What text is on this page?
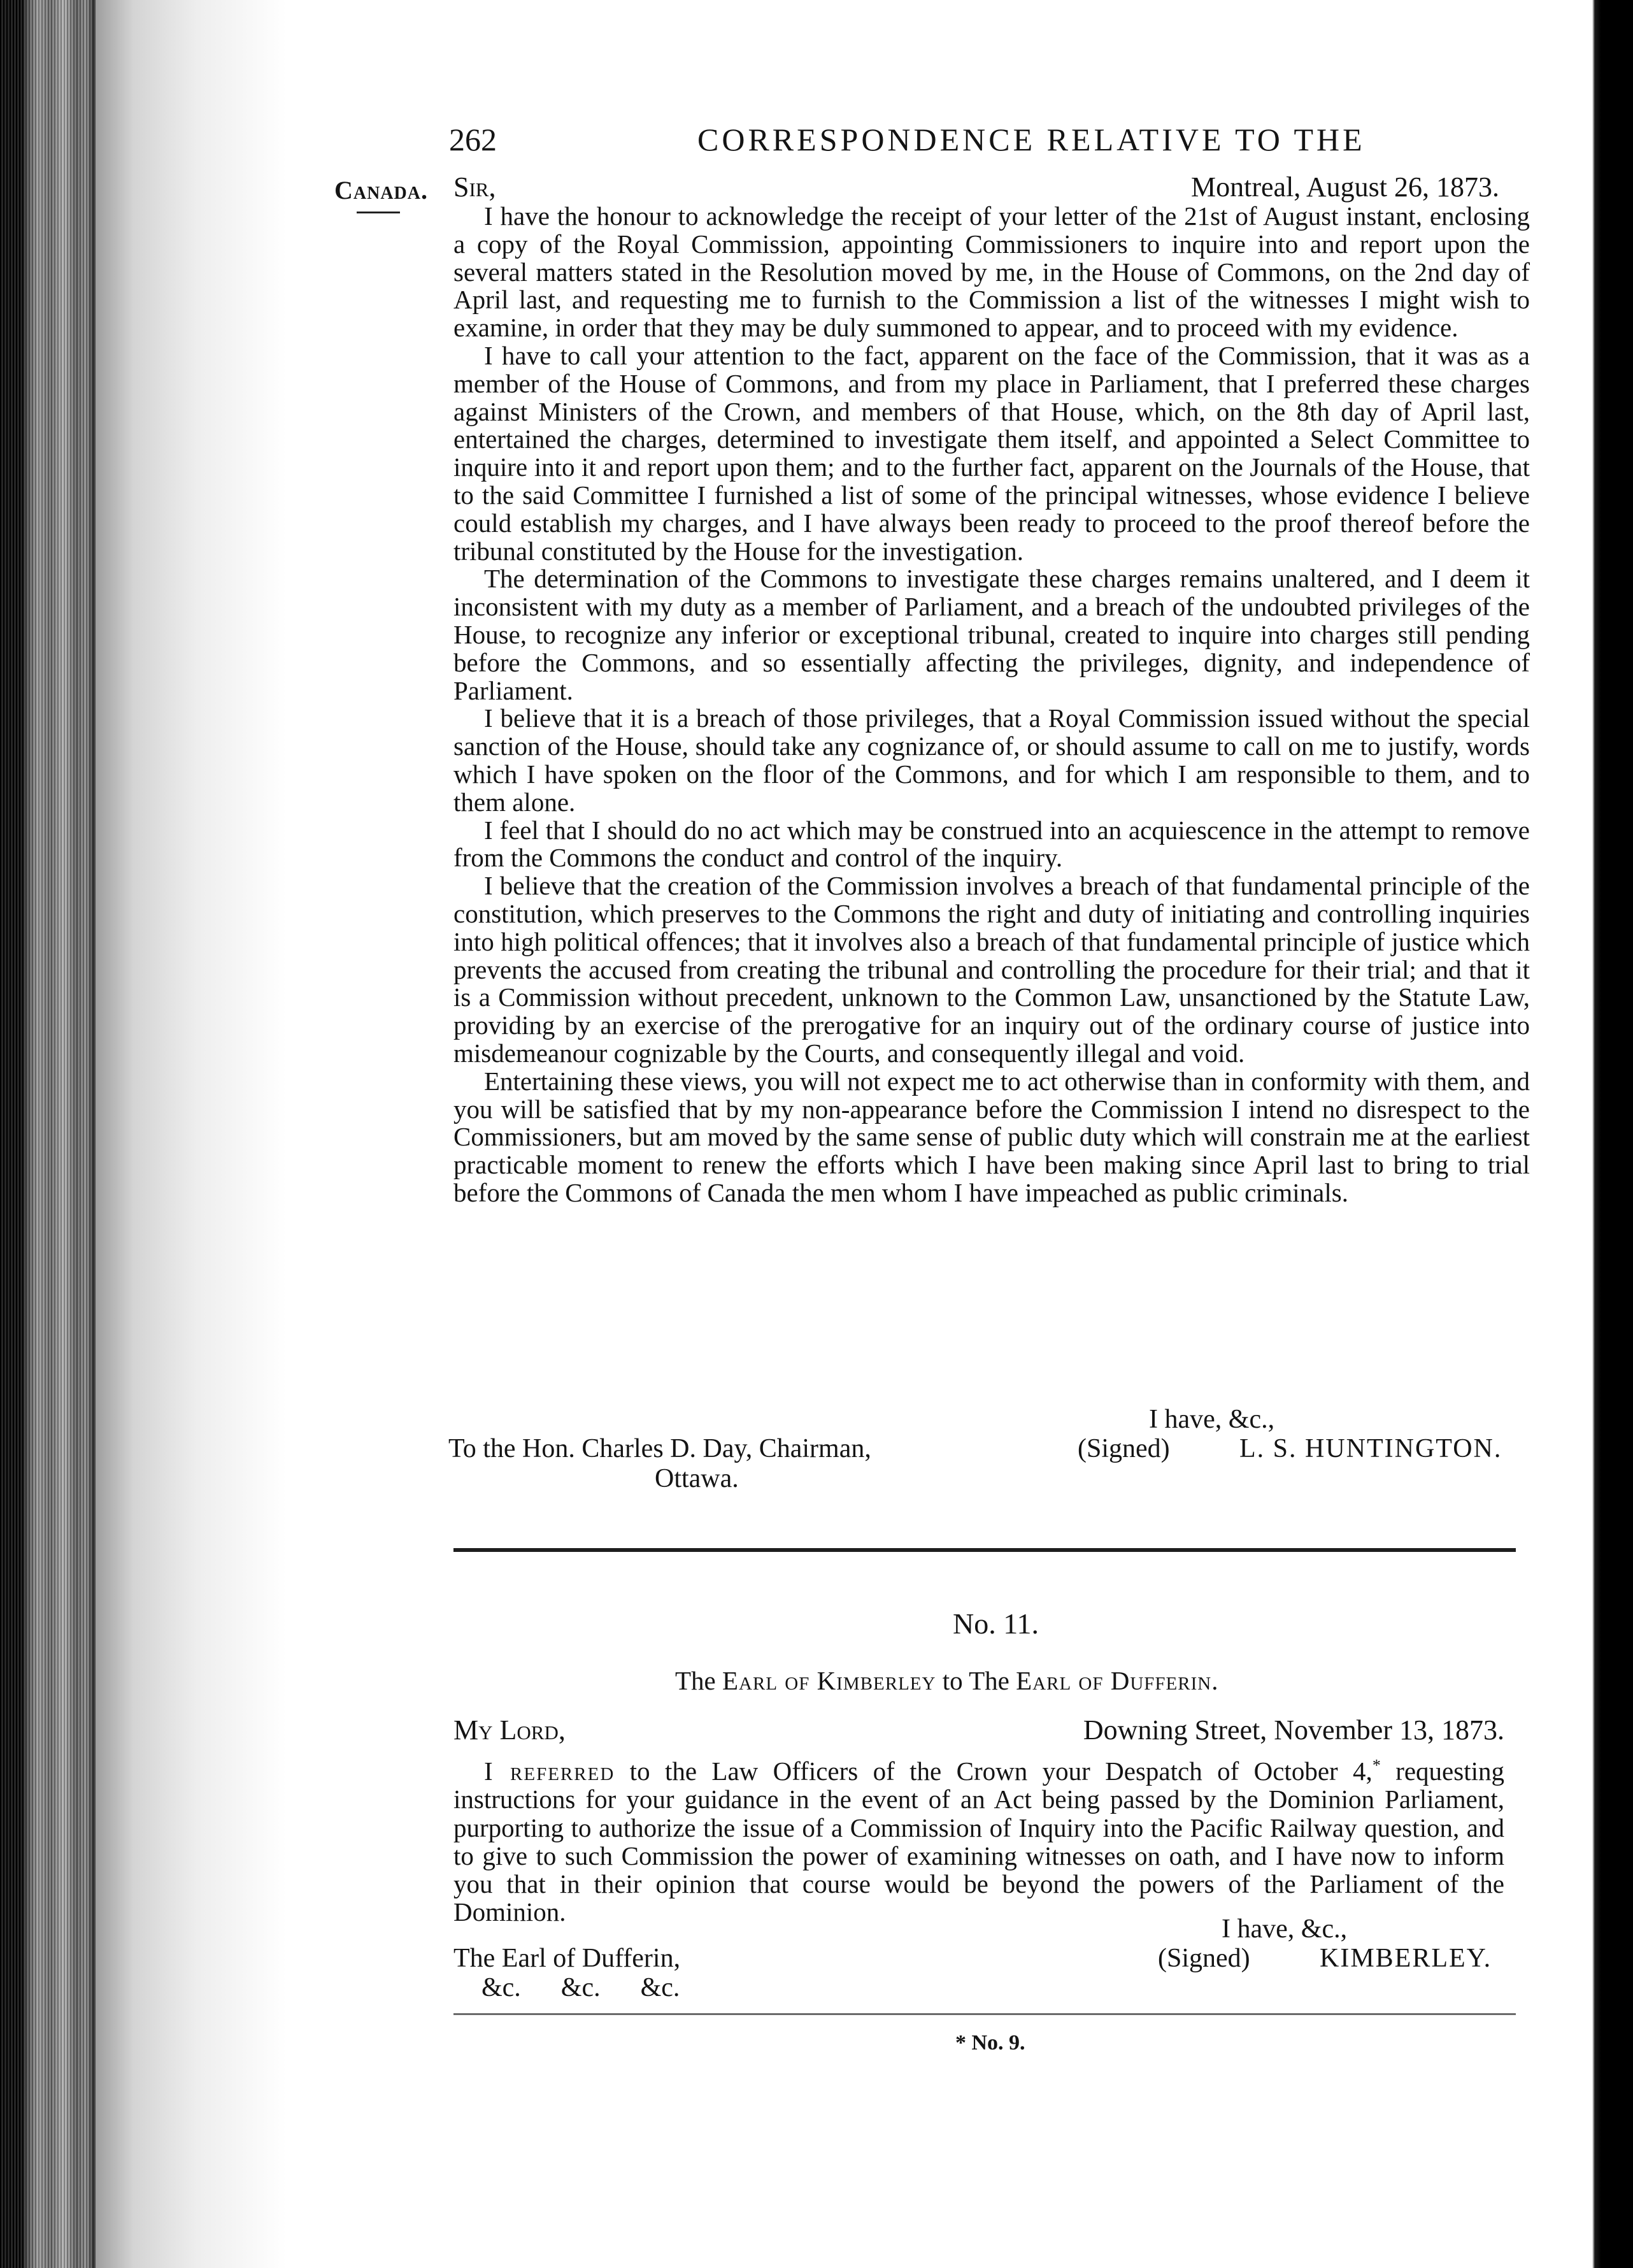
262	CORRESPONDENCE RELATIVE TO THE
Canada. Sir,	Montreal, August 26, 1873.

I have the honour to acknowledge the receipt of your letter of the 21st of August instant, enclosing a copy of the Royal Commission, appointing Commissioners to inquire into and report upon the several matters stated in the Resolution moved by me, in the House of Commons, on the 2nd day of April last, and requesting me to furnish to the Commission a list of the witnesses I might wish to examine, in order that they may be duly summoned to appear, and to proceed with my evidence.

I have to call your attention to the fact, apparent on the face of the Commission, that it was as a member of the House of Commons, and from my place in Parliament, that I preferred these charges against Ministers of the Crown, and members of that House, which, on the 8th day of April last, entertained the charges, determined to investigate them itself, and appointed a Select Committee to inquire into it and report upon them; and to the further fact, apparent on the Journals of the House, that to the said Committee I furnished a list of some of the principal witnesses, whose evidence I believe could establish my charges, and I have always been ready to proceed to the proof thereof before the tribunal constituted by the House for the investigation.

The determination of the Commons to investigate these charges remains unaltered, and I deem it inconsistent with my duty as a member of Parliament, and a breach of the undoubted privileges of the House, to recognize any inferior or exceptional tribunal, created to inquire into charges still pending before the Commons, and so essentially affecting the privileges, dignity, and independence of Parliament.

I believe that it is a breach of those privileges, that a Royal Commission issued without the special sanction of the House, should take any cognizance of, or should assume to call on me to justify, words which I have spoken on the floor of the Commons, and for which I am responsible to them, and to them alone.

I feel that I should do no act which may be construed into an acquiescence in the attempt to remove from the Commons the conduct and control of the inquiry.

I believe that the creation of the Commission involves a breach of that fundamental principle of the constitution, which preserves to the Commons the right and duty of initiating and controlling inquiries into high political offences; that it involves also a breach of that fundamental principle of justice which prevents the accused from creating the tribunal and controlling the procedure for their trial; and that it is a Commission without precedent, unknown to the Common Law, unsanctioned by the Statute Law, providing by an exercise of the prerogative for an inquiry out of the ordinary course of justice into misdemeanour cognizable by the Courts, and consequently illegal and void.

Entertaining these views, you will not expect me to act otherwise than in conformity with them, and you will be satisfied that by my non-appearance before the Commission I intend no disrespect to the Commissioners, but am moved by the same sense of public duty which will constrain me at the earliest practicable moment to renew the efforts which I have been making since April last to bring to trial before the Commons of Canada the men whom I have impeached as public criminals.

I have, &c.,
To the Hon. Charles D. Day, Chairman,
Ottawa.
(Signed)	L. S. HUNTINGTON.
No. 11.
The Earl of Kimberley to The Earl of Dufferin.
My Lord,	Downing Street, November 13, 1873.

I referred to the Law Officers of the Crown your Despatch of October 4,* requesting instructions for your guidance in the event of an Act being passed by the Dominion Parliament, purporting to authorize the issue of a Commission of Inquiry into the Pacific Railway question, and to give to such Commission the power of examining witnesses on oath, and I have now to inform you that in their opinion that course would be beyond the powers of the Parliament of the Dominion.

I have, &c.,
The Earl of Dufferin,
&c.      &c.      &c.
(Signed)	KIMBERLEY.
* No. 9.
